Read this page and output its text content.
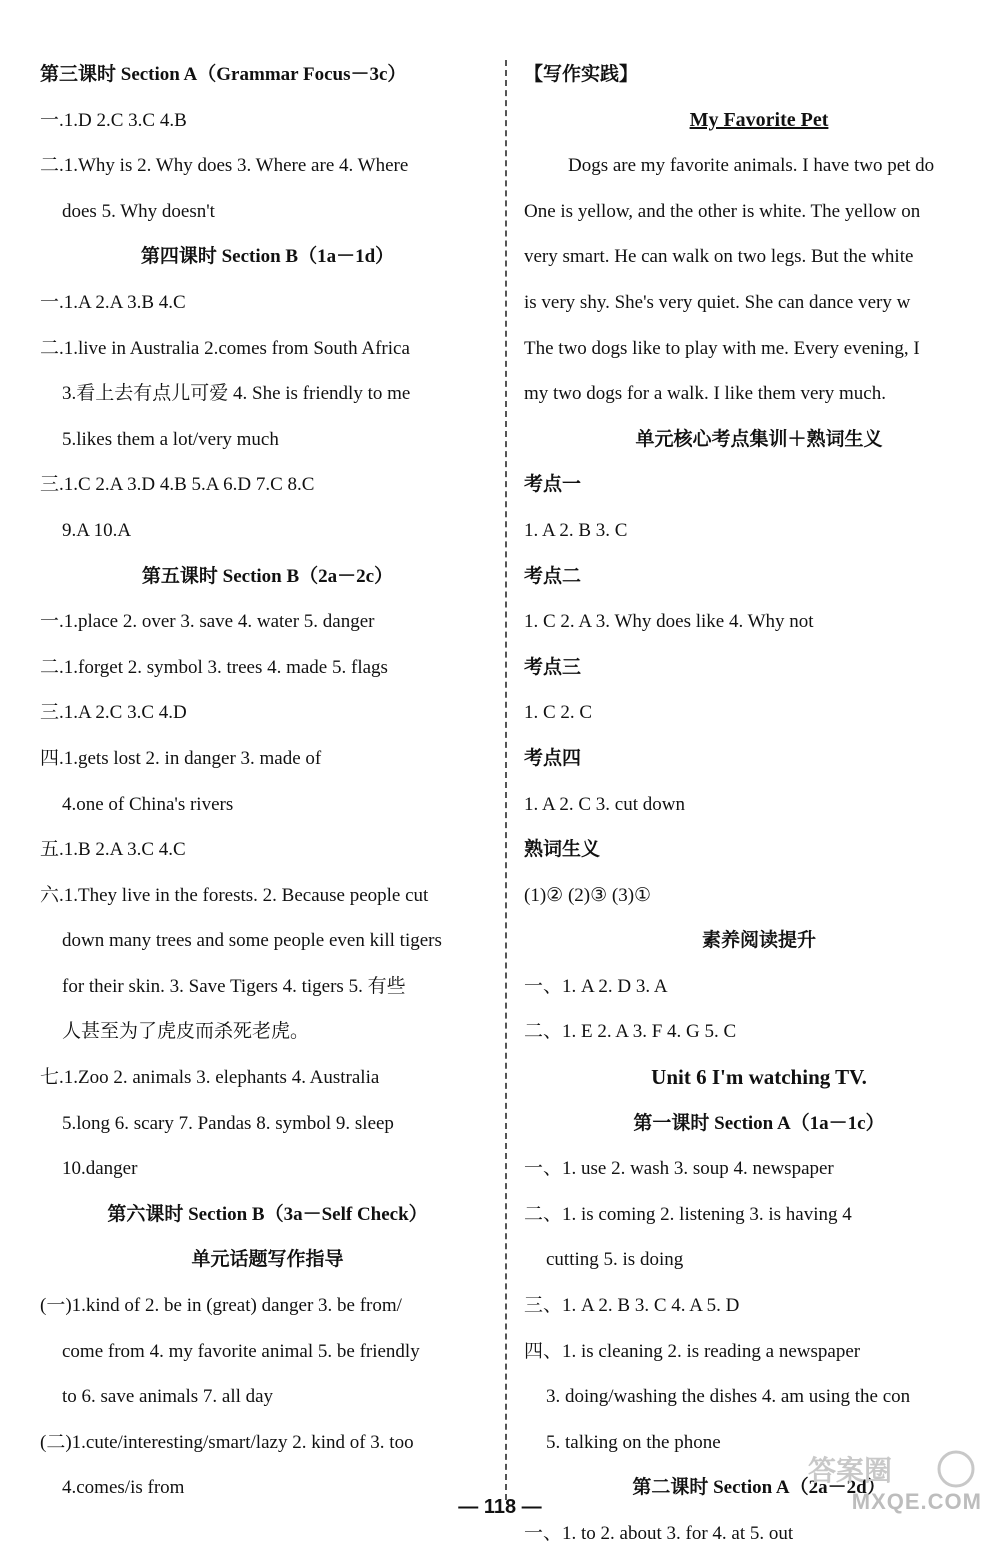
第三课时 Section A（Grammar Focus－3c）
一.1.D 2.C 3.C 4.B
二.1.Why is 2. Why does 3. Where are 4. Where
does 5. Why doesn't
第四课时 Section B（1a－1d）
一.1.A 2.A 3.B 4.C
二.1.live in Australia 2.comes from South Africa
3.看上去有点儿可爱 4. She is friendly to me
5.likes them a lot/very much
三.1.C 2.A 3.D 4.B 5.A 6.D 7.C 8.C
9.A 10.A
第五课时 Section B（2a－2c）
一.1.place 2. over 3. save 4. water 5. danger
二.1.forget 2. symbol 3. trees 4. made 5. flags
三.1.A 2.C 3.C 4.D
四.1.gets lost 2. in danger 3. made of
4.one of China's rivers
五.1.B 2.A 3.C 4.C
六.1.They live in the forests. 2. Because people cut
down many trees and some people even kill tigers
for their skin. 3. Save Tigers 4. tigers 5. 有些
人甚至为了虎皮而杀死老虎。
七.1.Zoo 2. animals 3. elephants 4. Australia
5.long 6. scary 7. Pandas 8. symbol 9. sleep
10.danger
第六课时 Section B（3a－Self Check）
单元话题写作指导
(一)1.kind of 2. be in (great) danger 3. be from/
come from 4. my favorite animal 5. be friendly
to 6. save animals 7. all day
(二)1.cute/interesting/smart/lazy 2. kind of 3. too
4.comes/is from
【写作实践】
My Favorite Pet
Dogs are my favorite animals. I have two pet do
One is yellow, and the other is white. The yellow on
very smart. He can walk on two legs. But the white
is very shy. She's very quiet. She can dance very w
The two dogs like to play with me. Every evening, I
my two dogs for a walk. I like them very much.
单元核心考点集训＋熟词生义
考点一
1. A 2. B 3. C
考点二
1. C 2. A 3. Why does like 4. Why not
考点三
1. C 2. C
考点四
1. A 2. C 3. cut down
熟词生义
(1)② (2)③ (3)①
素养阅读提升
一、1. A 2. D 3. A
二、1. E 2. A 3. F 4. G 5. C
Unit 6 I'm watching TV.
第一课时 Section A（1a－1c）
一、1. use 2. wash 3. soup 4. newspaper
二、1. is coming 2. listening 3. is having 4
cutting 5. is doing
三、1. A 2. B 3. C 4. A 5. D
四、1. is cleaning 2. is reading a newspaper
3. doing/washing the dishes 4. am using the con
5. talking on the phone
第二课时 Section A（2a－2d）
一、1. to 2. about 3. for 4. at 5. out
— 118 —
答案圈
MXQE.COM
